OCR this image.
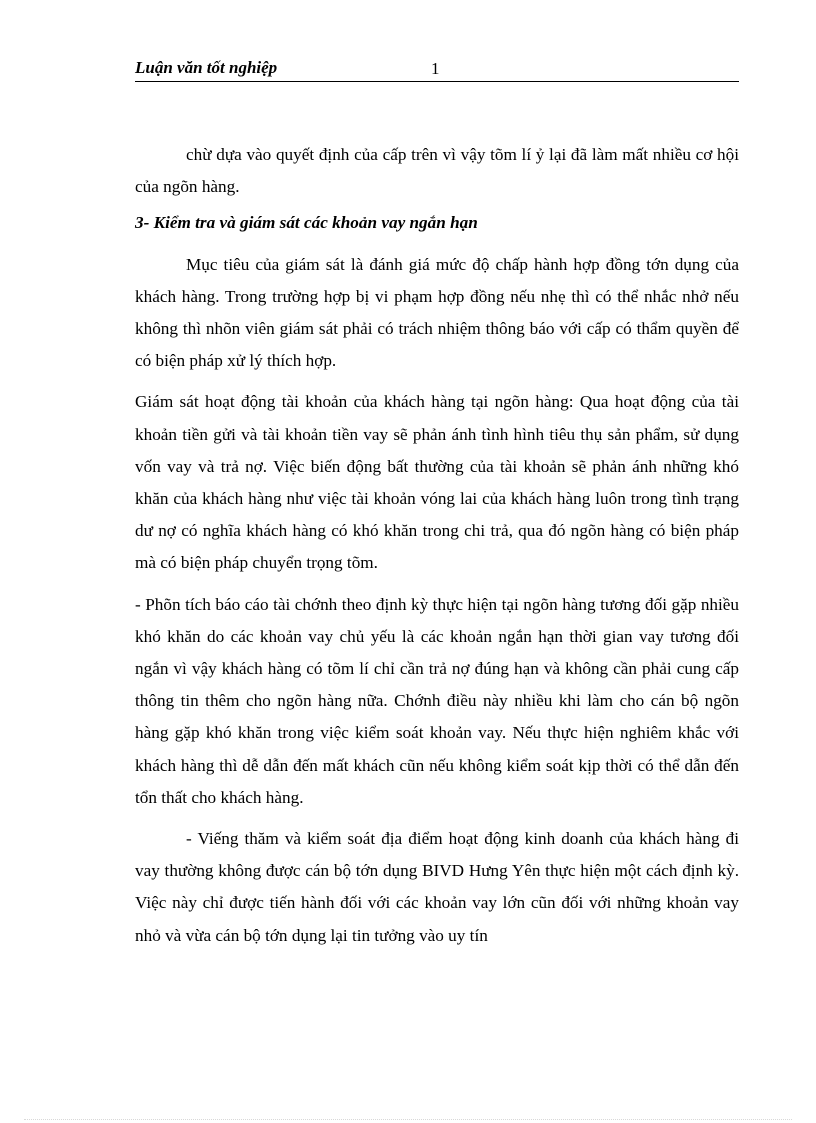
Luận văn tốt nghiệp	1

chừ dựa vào quyết định của cấp trên vì vậy tõm lí ỷ lại đã làm mất nhiều cơ hội của ngõn hàng.

3- Kiểm tra và giám sát các khoản vay ngắn hạn

Mục tiêu của giám sát là đánh giá mức độ chấp hành hợp đồng tớn dụng của khách hàng. Trong trường hợp bị vi phạm hợp đồng nếu nhẹ thì có thể nhắc nhở nếu không thì nhõn viên giám sát phải có trách nhiệm thông báo với cấp có thẩm quyền để có biện pháp xử lý thích hợp.

Giám sát hoạt động tài khoản của khách hàng tại ngõn hàng: Qua hoạt động của tài khoản tiền gửi và tài khoản tiền vay sẽ phản ánh tình hình tiêu thụ sản phẩm, sử dụng vốn vay và trả nợ. Việc biến động bất thường của tài khoản sẽ phản ánh những khó khăn của khách hàng như việc tài khoản vóng lai của khách hàng luôn trong tình trạng dư nợ có nghĩa khách hàng có khó khăn trong chi trả, qua đó ngõn hàng có biện pháp mà có biện pháp chuyển trọng tõm.

- Phõn tích báo cáo tài chớnh theo định kỳ thực hiện tại ngõn hàng tương đối gặp nhiều khó khăn do các khoản vay chủ yếu là các khoản ngắn hạn thời gian vay tương đối ngắn vì vậy khách hàng có tõm lí chỉ cần trả nợ đúng hạn và không cần phải cung cấp thông tin thêm cho ngõn hàng nữa. Chớnh điều này nhiều khi làm cho cán bộ ngõn hàng gặp khó khăn trong việc kiểm soát khoản vay. Nếu thực hiện nghiêm khắc với khách hàng thì dễ dẫn đến mất khách cũn nếu không kiểm soát kịp thời có thể dẫn đến tổn thất cho khách hàng.

- Viếng thăm và kiểm soát địa điểm hoạt động kinh doanh của khách hàng đi vay thường không được cán bộ tớn dụng BIVD Hưng Yên thực hiện một cách định kỳ. Việc này chỉ được tiến hành đối với các khoản vay lớn cũn đối với những khoản vay nhỏ và vừa cán bộ tớn dụng lại tin tưởng vào uy tín
